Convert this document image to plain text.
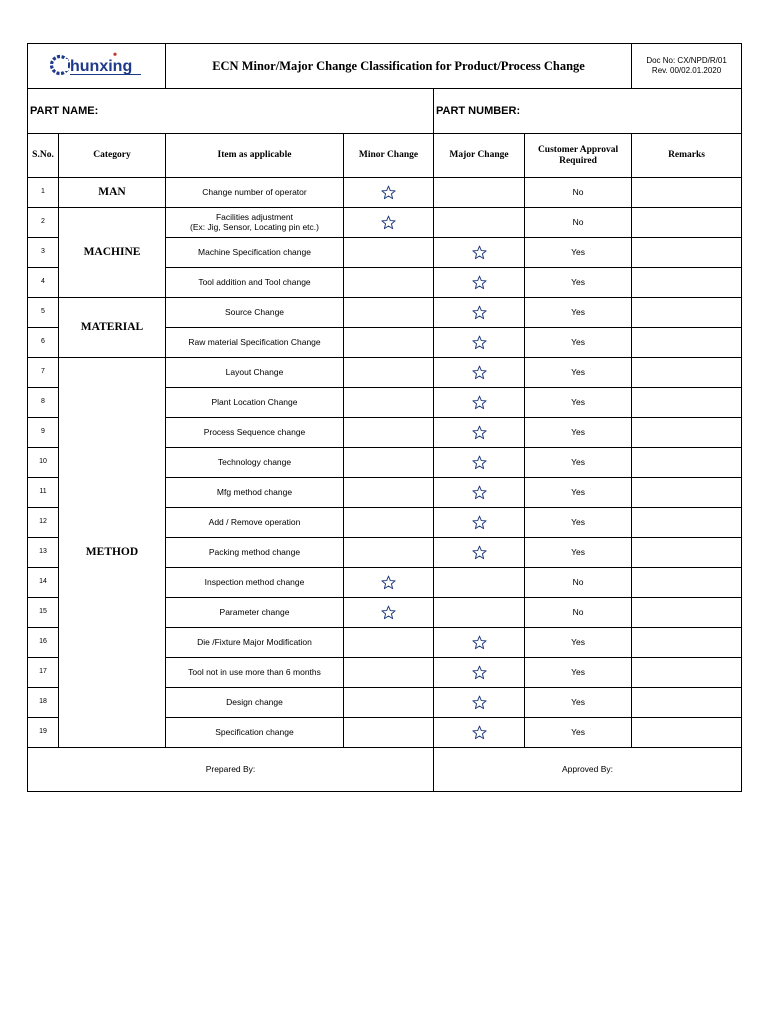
hunxing		ECN Minor/Major Change Classification for Product/Process Change				Doc No: CX/NPD/R/01
Rev. 00/02.01.2020

PART NAME:				PART NUMBER:		
S.No.	Category	Item as applicable	Minor Change	Major Change	Customer Approval Required	Remarks
1	MAN	Change number of operator			No	
2	MACHINE	Facilities adjustment
(Ex: Jig, Sensor, Locating pin etc.)			No	
3		Machine Specification change			Yes	
4		Tool addition and Tool change			Yes	
5	MATERIAL	Source Change			Yes	
6		Raw material Specification Change			Yes	
7	METHOD	Layout Change			Yes	
8		Plant Location Change			Yes	
9		Process Sequence change			Yes	
10		Technology change			Yes	
11		Mfg method change			Yes	
12		Add / Remove operation			Yes	
13		Packing method change			Yes	
14		Inspection method change			No	
15		Parameter change			No	
16		Die /Fixture Major Modification			Yes	
17		Tool not in use more than 6 months			Yes	
18		Design change			Yes	
19		Specification change			Yes	
Prepared By:				Approved By:		
